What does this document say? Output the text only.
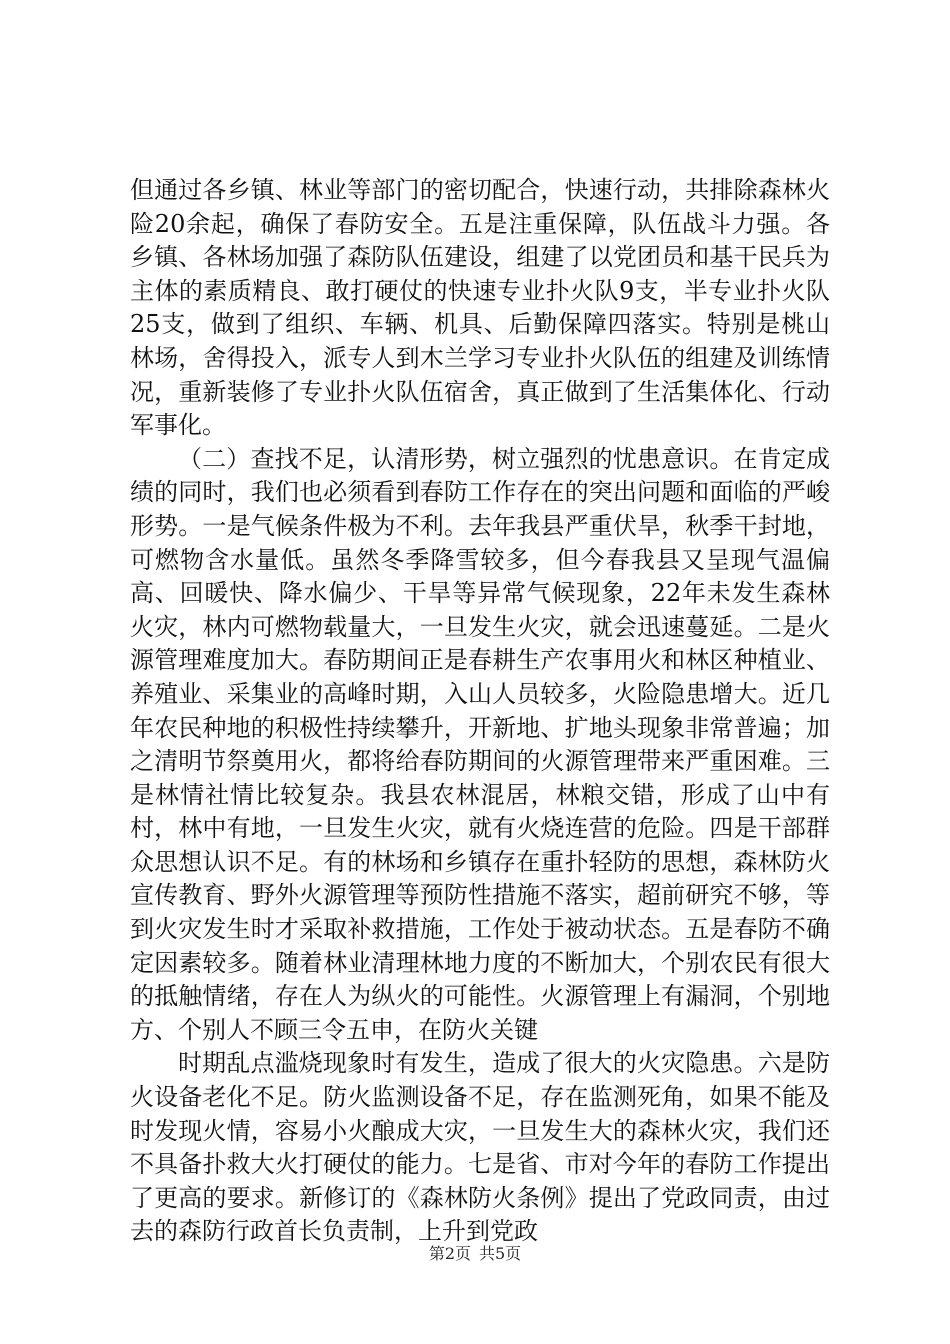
但通过各乡镇、林业等部门的密切配合，快速行动，共排除森林火险20余起，确保了春防安全。五是注重保障，队伍战斗力强。各乡镇、各林场加强了森防队伍建设，组建了以党团员和基干民兵为主体的素质精良、敢打硬仗的快速专业扑火队9支，半专业扑火队25支，做到了组织、车辆、机具、后勤保障四落实。特别是桃山林场，舍得投入，派专人到木兰学习专业扑火队伍的组建及训练情况，重新装修了专业扑火队伍宿舍，真正做到了生活集体化、行动军事化。

（二）查找不足，认清形势，树立强烈的忧患意识。在肯定成绩的同时，我们也必须看到春防工作存在的突出问题和面临的严峻形势。一是气候条件极为不利。去年我县严重伏旱，秋季干封地，可燃物含水量低。虽然冬季降雪较多，但今春我县又呈现气温偏高、回暖快、降水偏少、干旱等异常气候现象，22年未发生森林火灾，林内可燃物载量大，一旦发生火灾，就会迅速蔓延。二是火源管理难度加大。春防期间正是春耕生产农事用火和林区种植业、养殖业、采集业的高峰时期，入山人员较多，火险隐患增大。近几年农民种地的积极性持续攀升，开新地、扩地头现象非常普遍；加之清明节祭奠用火，都将给春防期间的火源管理带来严重困难。三是林情社情比较复杂。我县农林混居，林粮交错，形成了山中有村，林中有地，一旦发生火灾，就有火烧连营的危险。四是干部群众思想认识不足。有的林场和乡镇存在重扑轻防的思想，森林防火宣传教育、野外火源管理等预防性措施不落实，超前研究不够，等到火灾发生时才采取补救措施，工作处于被动状态。五是春防不确定因素较多。随着林业清理林地力度的不断加大，个别农民有很大的抵触情绪，存在人为纵火的可能性。火源管理上有漏洞，个别地方、个别人不顾三令五申，在防火关键

时期乱点滥烧现象时有发生，造成了很大的火灾隐患。六是防火设备老化不足。防火监测设备不足，存在监测死角，如果不能及时发现火情，容易小火酿成大灾，一旦发生大的森林火灾，我们还不具备扑救大火打硬仗的能力。七是省、市对今年的春防工作提出了更高的要求。新修订的《森林防火条例》提出了党政同责，由过去的森防行政首长负责制，上升到党政

第2页 共5页
